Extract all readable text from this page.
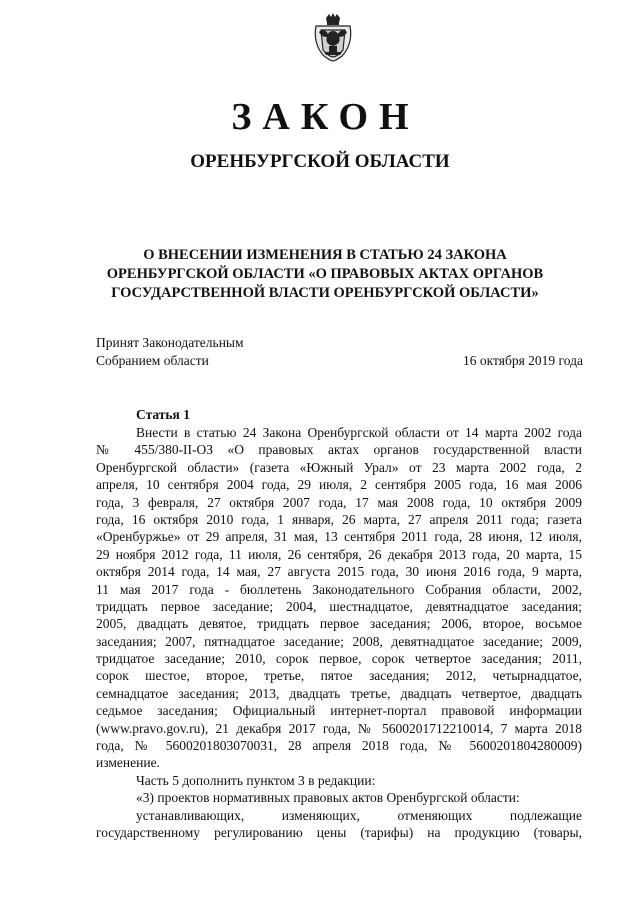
ЗАКОН
ОРЕНБУРГСКОЙ ОБЛАСТИ
О ВНЕСЕНИИ ИЗМЕНЕНИЯ В СТАТЬЮ 24 ЗАКОНА
ОРЕНБУРГСКОЙ ОБЛАСТИ «О ПРАВОВЫХ АКТАХ ОРГАНОВ
ГОСУДАРСТВЕННОЙ ВЛАСТИ ОРЕНБУРГСКОЙ ОБЛАСТИ»
Принят Законодательным
Собранием области	16 октября 2019 года
Статья 1
Внести в статью 24 Закона Оренбургской области от 14 марта 2002 года
№ 455/380-II-ОЗ «О правовых актах органов государственной власти
Оренбургской области» (газета «Южный Урал» от 23 марта 2002 года, 2
апреля, 10 сентября 2004 года, 29 июля, 2 сентября 2005 года, 16 мая 2006
года, 3 февраля, 27 октября 2007 года, 17 мая 2008 года, 10 октября 2009
года, 16 октября 2010 года, 1 января, 26 марта, 27 апреля 2011 года; газета
«Оренбуржье» от 29 апреля, 31 мая, 13 сентября 2011 года, 28 июня, 12 июля,
29 ноября 2012 года, 11 июля, 26 сентября, 26 декабря 2013 года, 20 марта, 15
октября 2014 года, 14 мая, 27 августа 2015 года, 30 июня 2016 года, 9 марта,
11 мая 2017 года - бюллетень Законодательного Собрания области, 2002,
тридцать первое заседание; 2004, шестнадцатое, девятнадцатое заседания;
2005, двадцать девятое, тридцать первое заседания; 2006, второе, восьмое
заседания; 2007, пятнадцатое заседание; 2008, девятнадцатое заседание; 2009,
тридцатое заседание; 2010, сорок первое, сорок четвертое заседания; 2011,
сорок шестое, второе, третье, пятое заседания; 2012, четырнадцатое,
семнадцатое заседания; 2013, двадцать третье, двадцать четвертое, двадцать
седьмое заседания; Официальный интернет-портал правовой информации
(www.pravo.gov.ru), 21 декабря 2017 года, № 5600201712210014, 7 марта 2018
года, № 5600201803070031, 28 апреля 2018 года, № 5600201804280009)
изменение.
Часть 5 дополнить пунктом 3 в редакции:
«3) проектов нормативных правовых актов Оренбургской области:
устанавливающих, изменяющих, отменяющих подлежащие
государственному регулированию цены (тарифы) на продукцию (товары,
